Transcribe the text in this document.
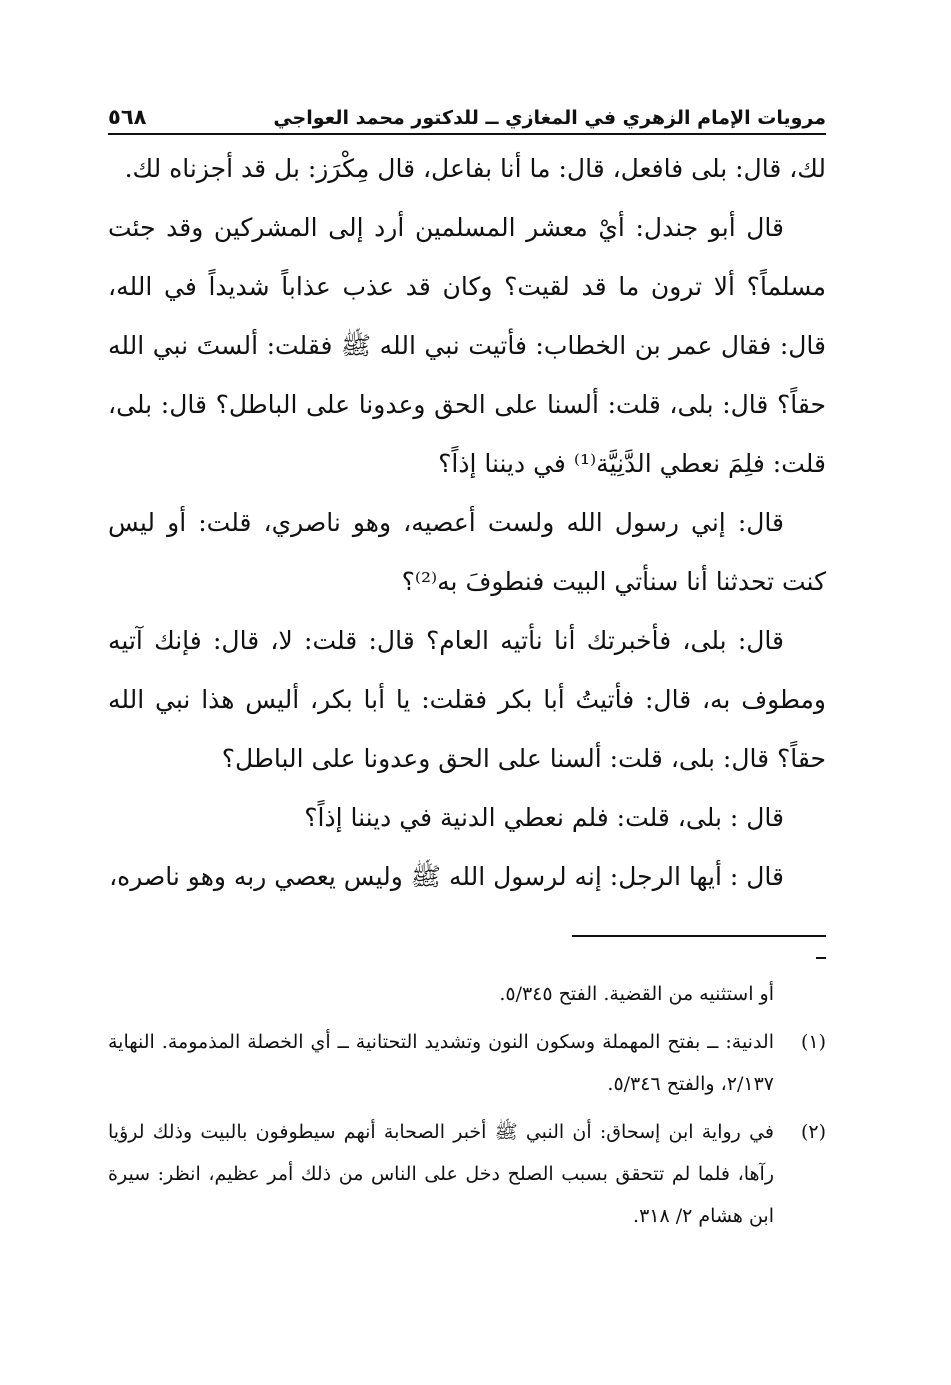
مرويات الإمام الزهري في المغازي ــ للدكتور محمد العواجي
٥٦٨

لك، قال: بلى فافعل، قال: ما أنا بفاعل، قال مِكْرَز: بل قد أجزناه لك.

قال أبو جندل: أيْ معشر المسلمين أرد إلى المشركين وقد جئت مسلماً؟ ألا ترون ما قد لقيت؟ وكان قد عذب عذاباً شديداً في الله، قال: فقال عمر بن الخطاب: فأتيت نبي الله ﷺ فقلت: ألستَ نبي الله حقاً؟ قال: بلى، قلت: ألسنا على الحق وعدونا على الباطل؟ قال: بلى، قلت: فلِمَ نعطي الدَّنِيَّة⁽¹⁾ في ديننا إذاً؟

قال: إني رسول الله ولست أعصيه، وهو ناصري، قلت: أو ليس كنت تحدثنا أنا سنأتي البيت فنطوفَ به⁽²⁾؟

قال: بلى، فأخبرتك أنا نأتيه العام؟ قال: قلت: لا، قال: فإنك آتيه ومطوف به، قال: فأتيتُ أبا بكر فقلت: يا أبا بكر، أليس هذا نبي الله حقاً؟ قال: بلى، قلت: ألسنا على الحق وعدونا على الباطل؟

قال : بلى، قلت: فلم نعطي الدنية في ديننا إذاً؟

قال : أيها الرجل: إنه لرسول الله ﷺ وليس يعصي ربه وهو ناصره،

أو استثنيه من القضية. الفتح ٥/٣٤٥.
(١)
الدنية: ــ بفتح المهملة وسكون النون وتشديد التحتانية ــ أي الخصلة المذمومة. النهاية ٢/١٣٧، والفتح ٥/٣٤٦.
(٢)
في رواية ابن إسحاق: أن النبي ﷺ أخبر الصحابة أنهم سيطوفون بالبيت وذلك لرؤيا رآها، فلما لم تتحقق بسبب الصلح دخل على الناس من ذلك أمر عظيم، انظر: سيرة ابن هشام ٢/ ٣١٨.
